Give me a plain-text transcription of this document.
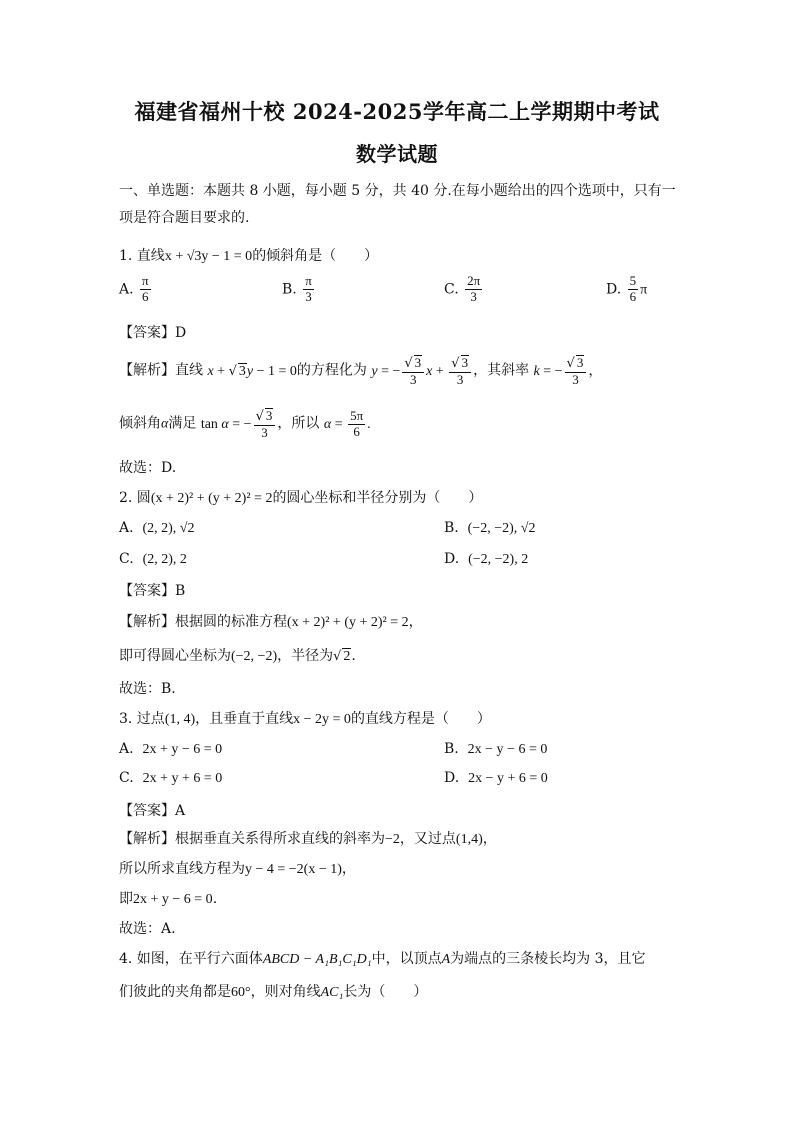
福建省福州十校 2024-2025学年高二上学期期中考试
数学试题
一、单选题：本题共 8 小题，每小题 5 分，共 40 分.在每小题给出的四个选项中，只有一
项是符合题目要求的.
1. 直线x + √3y − 1 = 0的倾斜角是（　　）
A. $\frac{\pi}{6}$	B. $\frac{\pi}{3}$	C. $\frac{2\pi}{3}$	D. $\frac{5}{6}$ π
【答案】D
【解析】直线 x + √ 3y − 1 = 0的方程化为 y = − $\frac{√ 3}{3}$ $x + \frac{√ 3}{3}$ ，其斜率 k = − $\frac{√ 3}{3}$ ，
倾斜角α满足 tan α = − $\frac{√ 3}{3}$ ，所以 $\alpha = \frac{5\pi}{6}$ .
故选：D.
2. 圆(x + 2)² + (y + 2)² = 2的圆心坐标和半径分别为（　　）
A. (2, 2), √2	B. (−2, −2), √2
C. (2, 2), 2	D. (−2, −2), 2
【答案】B
【解析】根据圆的标准方程(x + 2)² + (y + 2)² = 2，
即可得圆心坐标为(−2, −2)，半径为√ 2.
故选：B.
3. 过点(1, 4)，且垂直于直线x − 2y = 0的直线方程是（　　）
A. 2x + y − 6 = 0	B. 2x − y − 6 = 0
C. 2x + y + 6 = 0	D. 2x − y + 6 = 0
【答案】A
【解析】根据垂直关系得所求直线的斜率为−2，又过点(1,4)，
所以所求直线方程为y − 4 = −2(x − 1)，
即2x + y − 6 = 0.
故选：A.
4. 如图，在平行六面体ABCD − A₁B₁C₁D₁中，以顶点A为端点的三条棱长均为 3，且它
们彼此的夹角都是60°，则对角线AC₁长为（　　）
